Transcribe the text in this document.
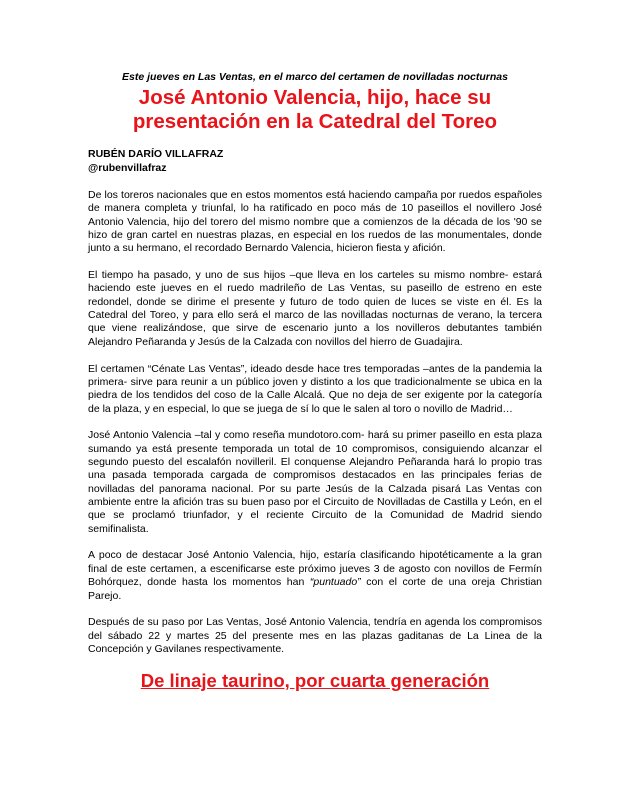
Este jueves en Las Ventas, en el marco del certamen de novilladas nocturnas

José Antonio Valencia, hijo, hace su
presentación en la Catedral del Toreo
RUBÉN DARÍO VILLAFRAZ
@rubenvillafraz

De los toreros nacionales que en estos momentos está haciendo campaña por ruedos españoles de manera completa y triunfal, lo ha ratificado en poco más de 10 paseillos el novillero José Antonio Valencia, hijo del torero del mismo nombre que a comienzos de la década de los '90 se hizo de gran cartel en nuestras plazas, en especial en los ruedos de las monumentales, donde junto a su hermano, el recordado Bernardo Valencia, hicieron fiesta y afición.

El tiempo ha pasado, y uno de sus hijos –que lleva en los carteles su mismo nombre- estará haciendo este jueves en el ruedo madrileño de Las Ventas, su paseillo de estreno en este redondel, donde se dirime el presente y futuro de todo quien de luces se viste en él. Es la Catedral del Toreo, y para ello será el marco de las novilladas nocturnas de verano, la tercera que viene realizándose, que sirve de escenario junto a los novilleros debutantes también Alejandro Peñaranda y Jesús de la Calzada con novillos del hierro de Guadajira.

El certamen “Cénate Las Ventas”, ideado desde hace tres temporadas –antes de la pandemia la primera- sirve para reunir a un público joven y distinto a los que tradicionalmente se ubica en la piedra de los tendidos del coso de la Calle Alcalá. Que no deja de ser exigente por la categoría de la plaza, y en especial, lo que se juega de sí lo que le salen al toro o novillo de Madrid…

José Antonio Valencia –tal y como reseña mundotoro.com- hará su primer paseillo en esta plaza sumando ya está presente temporada un total de 10 compromisos, consiguiendo alcanzar el segundo puesto del escalafón novilleril. El conquense Alejandro Peñaranda hará lo propio tras una pasada temporada cargada de compromisos destacados en las principales ferias de novilladas del panorama nacional. Por su parte Jesús de la Calzada pisará Las Ventas con ambiente entre la afición tras su buen paso por el Circuito de Novilladas de Castilla y León, en el que se proclamó triunfador, y el reciente Circuito de la Comunidad de Madrid siendo semifinalista.

A poco de destacar José Antonio Valencia, hijo, estaría clasificando hipotéticamente a la gran final de este certamen, a escenificarse este próximo jueves 3 de agosto con novillos de Fermín Bohórquez, donde hasta los momentos han “puntuado” con el corte de una oreja Christian Parejo.

Después de su paso por Las Ventas, José Antonio Valencia, tendría en agenda los compromisos del sábado 22 y martes 25 del presente mes en las plazas gaditanas de La Linea de la Concepción y Gavilanes respectivamente.

De linaje taurino, por cuarta generación
